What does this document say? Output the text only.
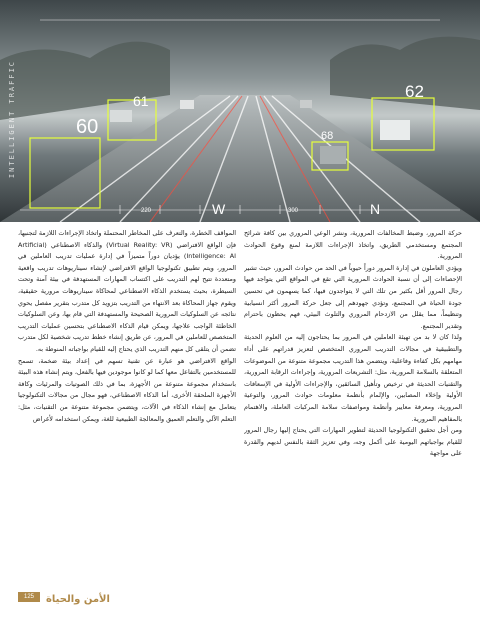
INTELLIGENT TRAFFIC	60
61	62
68
220	W	300	N

حركة المرور، وضبط المخالفات المرورية، ونشر الوعي المروري بين كافة شرائح المجتمع ومستخدمي الطريق، واتخاذ الإجراءات اللازمة لمنع وقوع الحوادث المرورية.

ويؤدي العاملون في إدارة المرور دوراً حيوياً في الحد من حوادث المرور، حيث تشير الإحصاءات إلى أن نسبة الحوادث المرورية التي تقع في المواقع التي يتواجد فيها رجال المرور أقل بكثير من تلك التي لا يتواجدون فيها، كما يسهمون في تحسين جودة الحياة في المجتمع، وتؤدي جهودهم إلى جعل حركة المرور أكثر انسيابية وتنظيماً، مما يقلل من الازدحام المروري والتلوث البيئي، فهم يحظون باحترام وتقدير المجتمع.

ولذا كان لا بد من تهيئة العاملين في المرور بما يحتاجون إليه من العلوم الحديثة والتطبيقية في مجالات التدريب المروري المتخصص لتعزيز قدراتهم على أداء مهامهم بكل كفاءة وفاعلية، ويتضمن هذا التدريب مجموعة متنوعة من الموضوعات المتعلقة بالسلامة المرورية، مثل: التشريعات المرورية، وإجراءات الرقابة المرورية، والتقنيات الحديثة في ترخيص وتأهيل السائقين، والإجراءات الأولية في الإسعافات الأولية وإخلاء المصابين، والإلمام بأنظمة معلومات حوادث المرور، والتوعية المرورية، ومعرفة معايير وأنظمة ومواصفات سلامة المركبات العاملة، والاهتمام بالمفاهيم المرورية.

ومن أجل تحقيق التكنولوجيا الحديثة لتطوير المهارات التي يحتاج إليها رجال المرور للقيام بواجباتهم اليومية على أكمل وجه، وفي تعزيز الثقة بالنفس لديهم والقدرة على مواجهة

المواقف الخطرة، والتعرف على المخاطر المحتملة واتخاذ الإجراءات اللازمة لتجنبها، فإن الواقع الافتراضي (Virtual Reality: VR) والذكاء الاصطناعي (Artificial Intelligence: AI) يؤديان دوراً متميزاً في إدارة عمليات تدريب العاملين في المرور، ويتم تطبيق تكنولوجيا الواقع الافتراضي لإنشاء سيناريوهات تدريب واقعية ومتعددة تتيح لهم التدريب على اكتساب المهارات المستهدفة في بيئة آمنة وتحت السيطرة، بحيث يستخدم الذكاء الاصطناعي لمحاكاة سيناريوهات مرورية حقيقية، ويقوم جهاز المحاكاة بعد الانتهاء من التدريب بتزويد كل متدرب بتقرير مفصل يحوي نتائجه عن السلوكيات المرورية الصحيحة والمستهدفة التي قام بها، وعن السلوكيات الخاطئة الواجب علاجها، ويمكن قيام الذكاء الاصطناعي بتحسين عمليات التدريب المتخصص للعاملين في المرور، عن طريق إنشاء خطط تدريب شخصية لكل متدرب تضمن أن يتلقى كل منهم التدريب الذي يحتاج إليه للقيام بواجباته المنوطة به.

الواقع الافتراضي هو عبارة عن تقنية تسهم في إعداد بيئة ضخمة، تسمح للمستخدمين بالتفاعل معها كما لو كانوا موجودين فيها بالفعل، ويتم إنشاء هذه البيئة باستخدام مجموعة متنوعة من الأجهزة، بما في ذلك الصوتيات والمرئيات وكافة الأجهزة الملحقة الأخرى، أما الذكاء الاصطناعي، فهو مجال من مجالات التكنولوجيا يتعامل مع إنشاء الذكاء في الآلات، ويتضمن مجموعة متنوعة من التقنيات، مثل: التعلم الآلي والتعلم العميق والمعالجة الطبيعية للغة، ويمكن استخدامه لأغراض

125	الأمن والحياة
